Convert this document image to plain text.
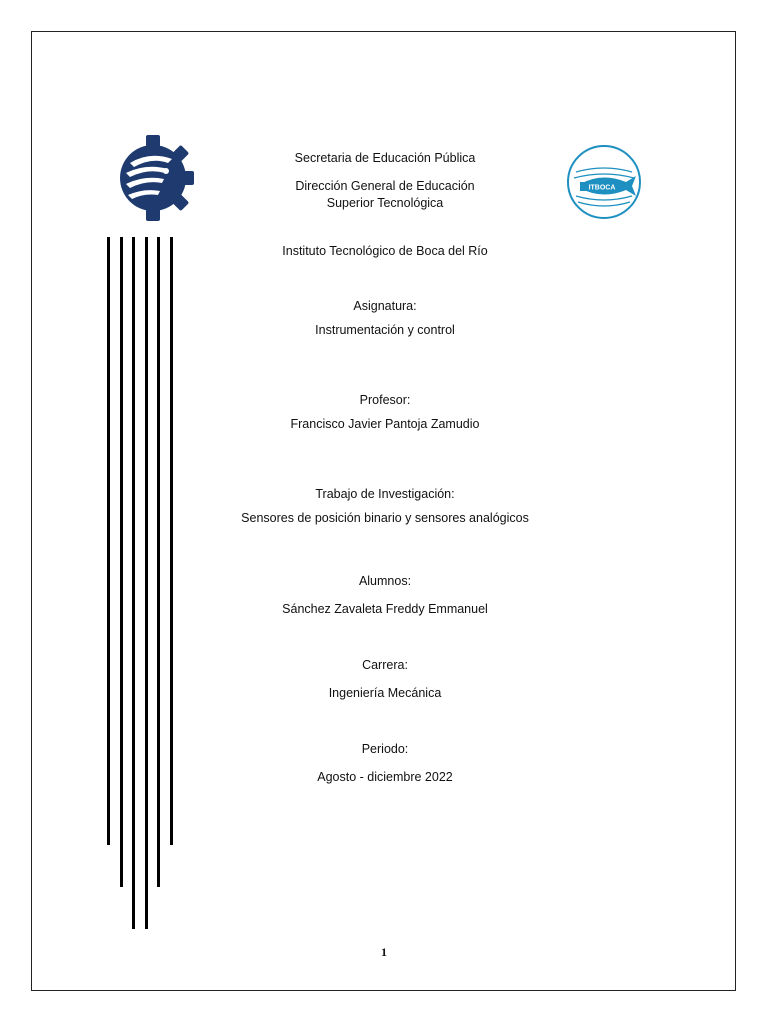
ITBOCA
Secretaria de Educación Pública
Dirección General de Educación
Superior Tecnológica
Instituto Tecnológico de Boca del Río
Asignatura:
Instrumentación y control
Profesor:
Francisco Javier Pantoja Zamudio
Trabajo de Investigación:
Sensores de posición binario y sensores analógicos
Alumnos:
Sánchez Zavaleta Freddy Emmanuel
Carrera:
Ingeniería Mecánica
Periodo:
Agosto - diciembre 2022
1
